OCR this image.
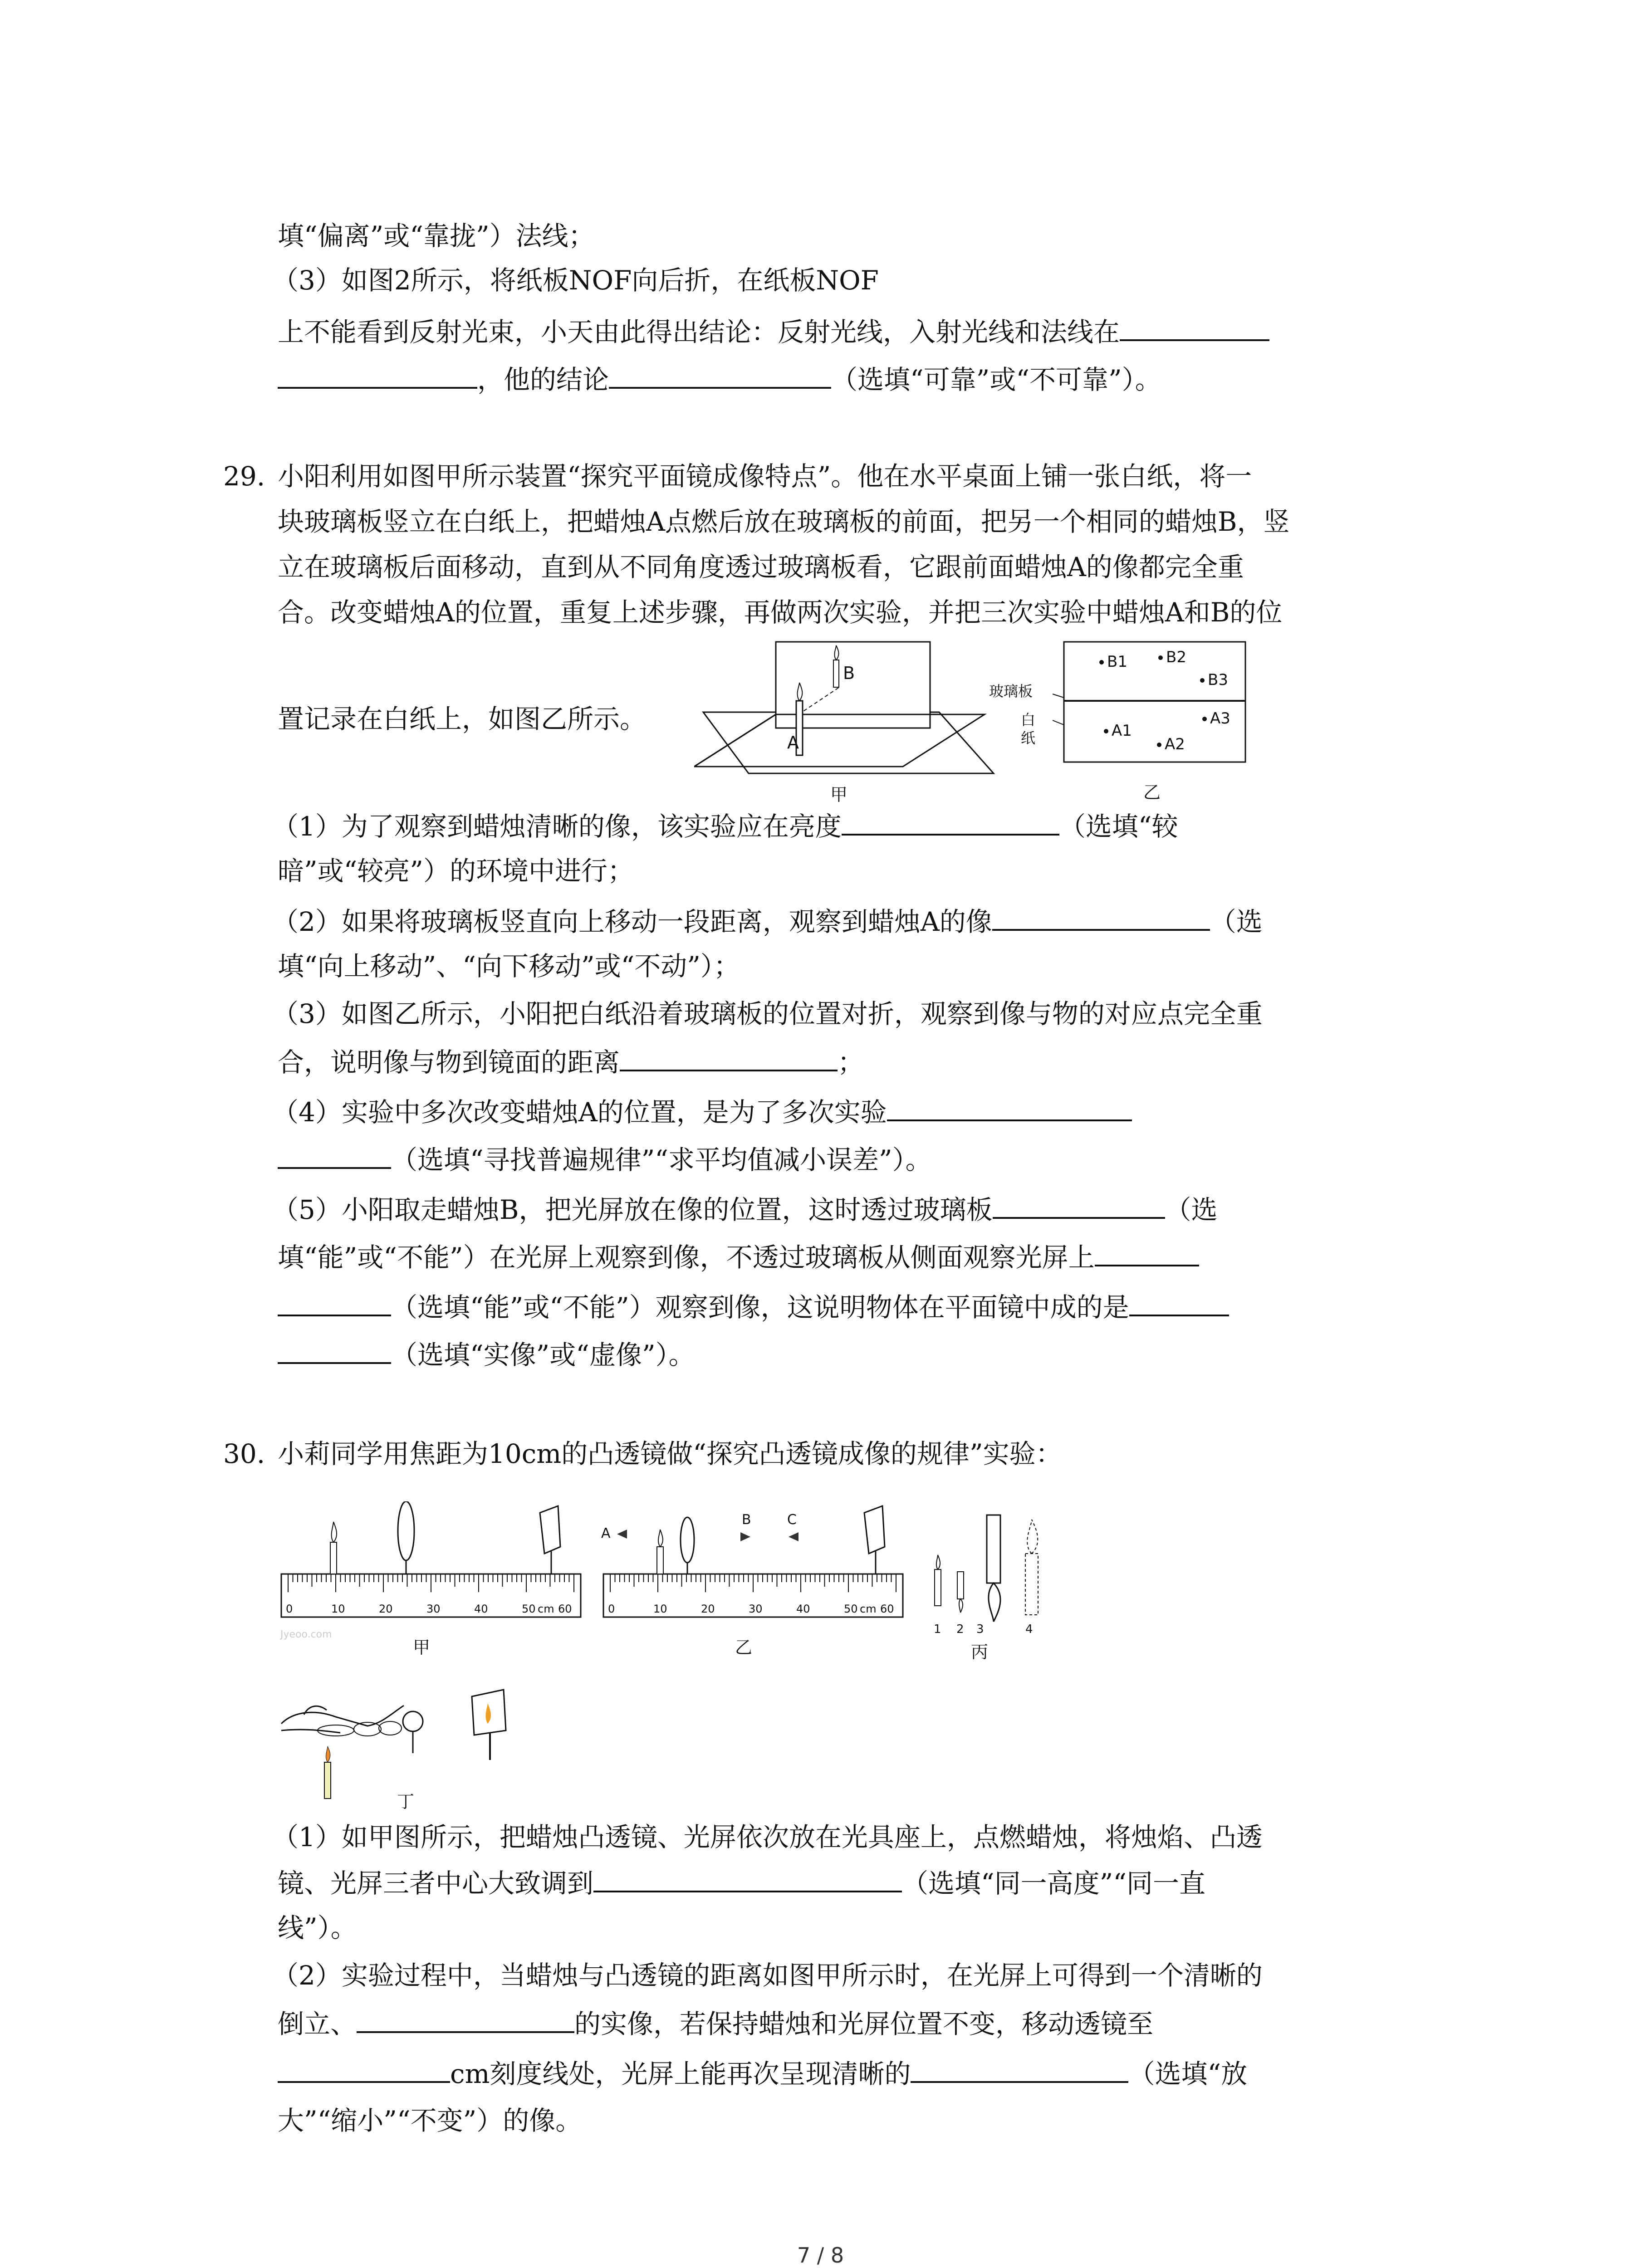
填“偏离”或“靠拢”）法线；
（3）如图2所示，将纸板NOF向后折，在纸板NOF
上不能看到反射光束，小天由此得出结论：反射光线，入射光线和法线在
，他的结论	（选填“可靠”或“不可靠”）。
29. 小阳利用如图甲所示装置“探究平面镜成像特点”。他在水平桌面上铺一张白纸，将一
块玻璃板竖立在白纸上，把蜡烛A点燃后放在玻璃板的前面，把另一个相同的蜡烛B，竖
立在玻璃板后面移动，直到从不同角度透过玻璃板看，它跟前面蜡烛A的像都完全重
合。改变蜡烛A的位置，重复上述步骤，再做两次实验，并把三次实验中蜡烛A和B的位
置记录在白纸上，如图乙所示。
A
B
甲
玻璃板
白
纸
B1	B2
B3
A1
A2
A3
乙
（1）为了观察到蜡烛清晰的像，该实验应在亮度	（选填“较
暗”或“较亮”）的环境中进行；
（2）如果将玻璃板竖直向上移动一段距离，观察到蜡烛A的像	（选
填“向上移动”、“向下移动”或“不动”）；
（3）如图乙所示，小阳把白纸沿着玻璃板的位置对折，观察到像与物的对应点完全重
合，说明像与物到镜面的距离	；
（4）实验中多次改变蜡烛A的位置，是为了多次实验
（选填“寻找普遍规律”“求平均值减小误差”）。
（5）小阳取走蜡烛B，把光屏放在像的位置，这时透过玻璃板	（选
填“能”或“不能”）在光屏上观察到像，不透过玻璃板从侧面观察光屏上
（选填“能”或“不能”）观察到像，这说明物体在平面镜中成的是
（选填“实像”或“虚像”）。
30. 小莉同学用焦距为10cm的凸透镜做“探究凸透镜成像的规律”实验：
0	10	20	30	40	50 cm 60
Jyeoo.com
甲
A
B	C
0	10	20	30	40	50 cm 60
乙
1 2 3	4
丙
丁
（1）如甲图所示，把蜡烛凸透镜、光屏依次放在光具座上，点燃蜡烛，将烛焰、凸透
镜、光屏三者中心大致调到	（选填“同一高度”“同一直
线”）。
（2）实验过程中，当蜡烛与凸透镜的距离如图甲所示时，在光屏上可得到一个清晰的
倒立、	的实像，若保持蜡烛和光屏位置不变，移动透镜至
cm刻度线处，光屏上能再次呈现清晰的	（选填“放
大”“缩小”“不变”）的像。
7 / 8
